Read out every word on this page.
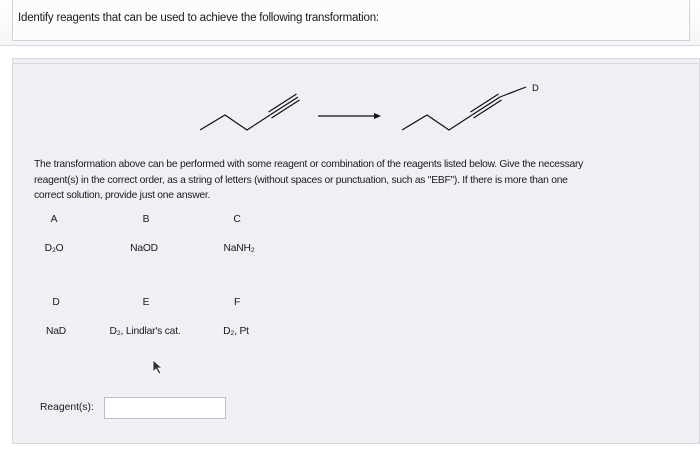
Identify reagents that can be used to achieve the following transformation:
D
The transformation above can be performed with some reagent or combination of the reagents listed below. Give the necessary
reagent(s) in the correct order, as a string of letters (without spaces or punctuation, such as "EBF"). If there is more than one
correct solution, provide just one answer.
A	B	C
D₂O	NaOD	NaNH₂
D	E	F
NaD	D₂, Lindlar's cat.	D₂, Pt
Reagent(s):
